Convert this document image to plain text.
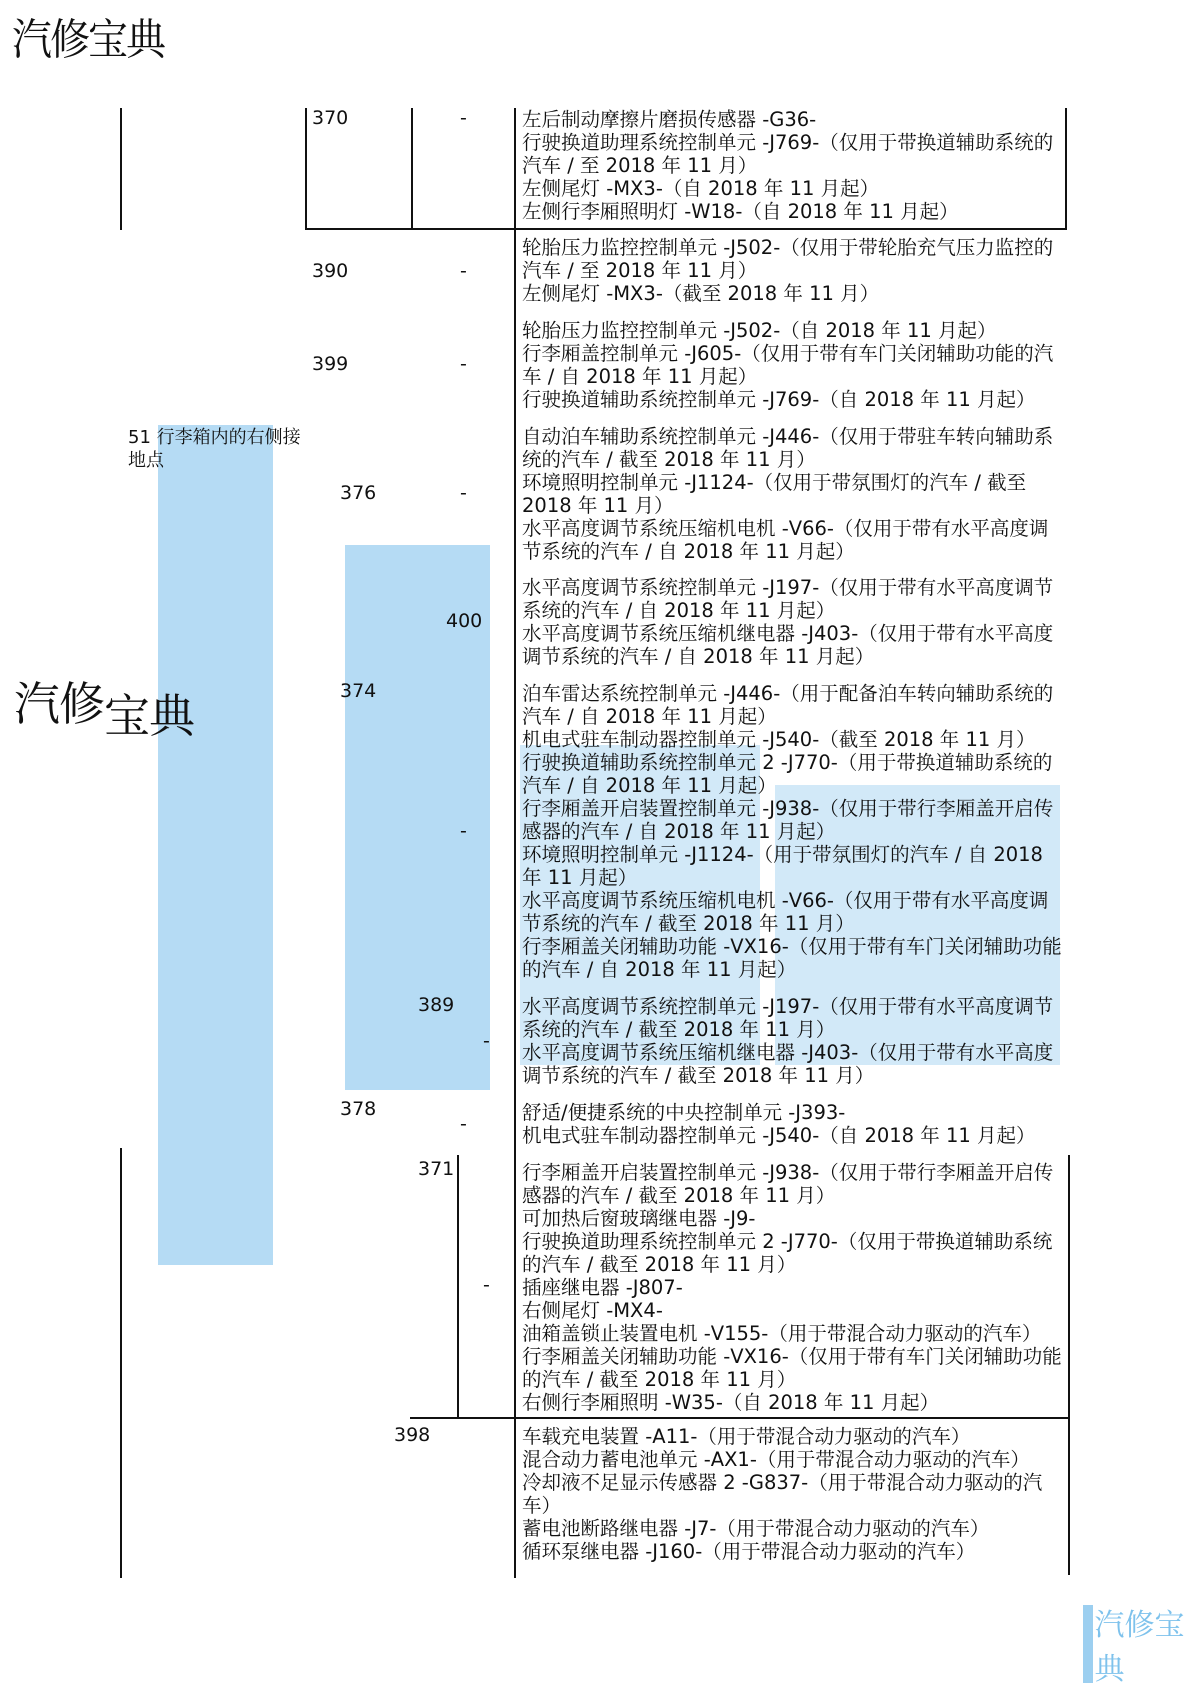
汽修宝典
汽修宝典
汽修宝典
51 行李箱内的右侧接地点
370
390
399
376
400
374
389
378
371
398
-
-
-
-
-
-
-
-
左后制动摩擦片磨损传感器 -G36-
行驶换道助理系统控制单元 -J769-（仅用于带换道辅助系统的汽车 / 至 2018 年 11 月）
左侧尾灯 -MX3-（自 2018 年 11 月起）
左侧行李厢照明灯 -W18-（自 2018 年 11 月起）
轮胎压力监控控制单元 -J502-（仅用于带轮胎充气压力监控的汽车 / 至 2018 年 11 月）
左侧尾灯 -MX3-（截至 2018 年 11 月）
轮胎压力监控控制单元 -J502-（自 2018 年 11 月起）
行李厢盖控制单元 -J605-（仅用于带有车门关闭辅助功能的汽车 / 自 2018 年 11 月起）
行驶换道辅助系统控制单元 -J769-（自 2018 年 11 月起）
自动泊车辅助系统控制单元 -J446-（仅用于带驻车转向辅助系统的汽车 / 截至 2018 年 11 月）
环境照明控制单元 -J1124-（仅用于带氛围灯的汽车 / 截至 2018 年 11 月）
水平高度调节系统压缩机电机 -V66-（仅用于带有水平高度调节系统的汽车 / 自 2018 年 11 月起）
水平高度调节系统控制单元 -J197-（仅用于带有水平高度调节系统的汽车 / 自 2018 年 11 月起）
水平高度调节系统压缩机继电器 -J403-（仅用于带有水平高度调节系统的汽车 / 自 2018 年 11 月起）
泊车雷达系统控制单元 -J446-（用于配备泊车转向辅助系统的汽车 / 自 2018 年 11 月起）
机电式驻车制动器控制单元 -J540-（截至 2018 年 11 月）
行驶换道辅助系统控制单元 2 -J770-（用于带换道辅助系统的汽车 / 自 2018 年 11 月起）
行李厢盖开启装置控制单元 -J938-（仅用于带行李厢盖开启传感器的汽车 / 自 2018 年 11 月起）
环境照明控制单元 -J1124-（用于带氛围灯的汽车 / 自 2018 年 11 月起）
水平高度调节系统压缩机电机 -V66-（仅用于带有水平高度调节系统的汽车 / 截至 2018 年 11 月）
行李厢盖关闭辅助功能 -VX16-（仅用于带有车门关闭辅助功能的汽车 / 自 2018 年 11 月起）
水平高度调节系统控制单元 -J197-（仅用于带有水平高度调节系统的汽车 / 截至 2018 年 11 月）
水平高度调节系统压缩机继电器 -J403-（仅用于带有水平高度调节系统的汽车 / 截至 2018 年 11 月）
舒适/便捷系统的中央控制单元 -J393-
机电式驻车制动器控制单元 -J540-（自 2018 年 11 月起）
行李厢盖开启装置控制单元 -J938-（仅用于带行李厢盖开启传感器的汽车 / 截至 2018 年 11 月）
可加热后窗玻璃继电器 -J9-
行驶换道助理系统控制单元 2 -J770-（仅用于带换道辅助系统的汽车 / 截至 2018 年 11 月）
插座继电器 -J807-
右侧尾灯 -MX4-
油箱盖锁止装置电机 -V155-（用于带混合动力驱动的汽车）
行李厢盖关闭辅助功能 -VX16-（仅用于带有车门关闭辅助功能的汽车 / 截至 2018 年 11 月）
右侧行李厢照明 -W35-（自 2018 年 11 月起）
车载充电装置 -A11-（用于带混合动力驱动的汽车）
混合动力蓄电池单元 -AX1-（用于带混合动力驱动的汽车）
冷却液不足显示传感器 2 -G837-（用于带混合动力驱动的汽车）
蓄电池断路继电器 -J7-（用于带混合动力驱动的汽车）
循环泵继电器 -J160-（用于带混合动力驱动的汽车）
